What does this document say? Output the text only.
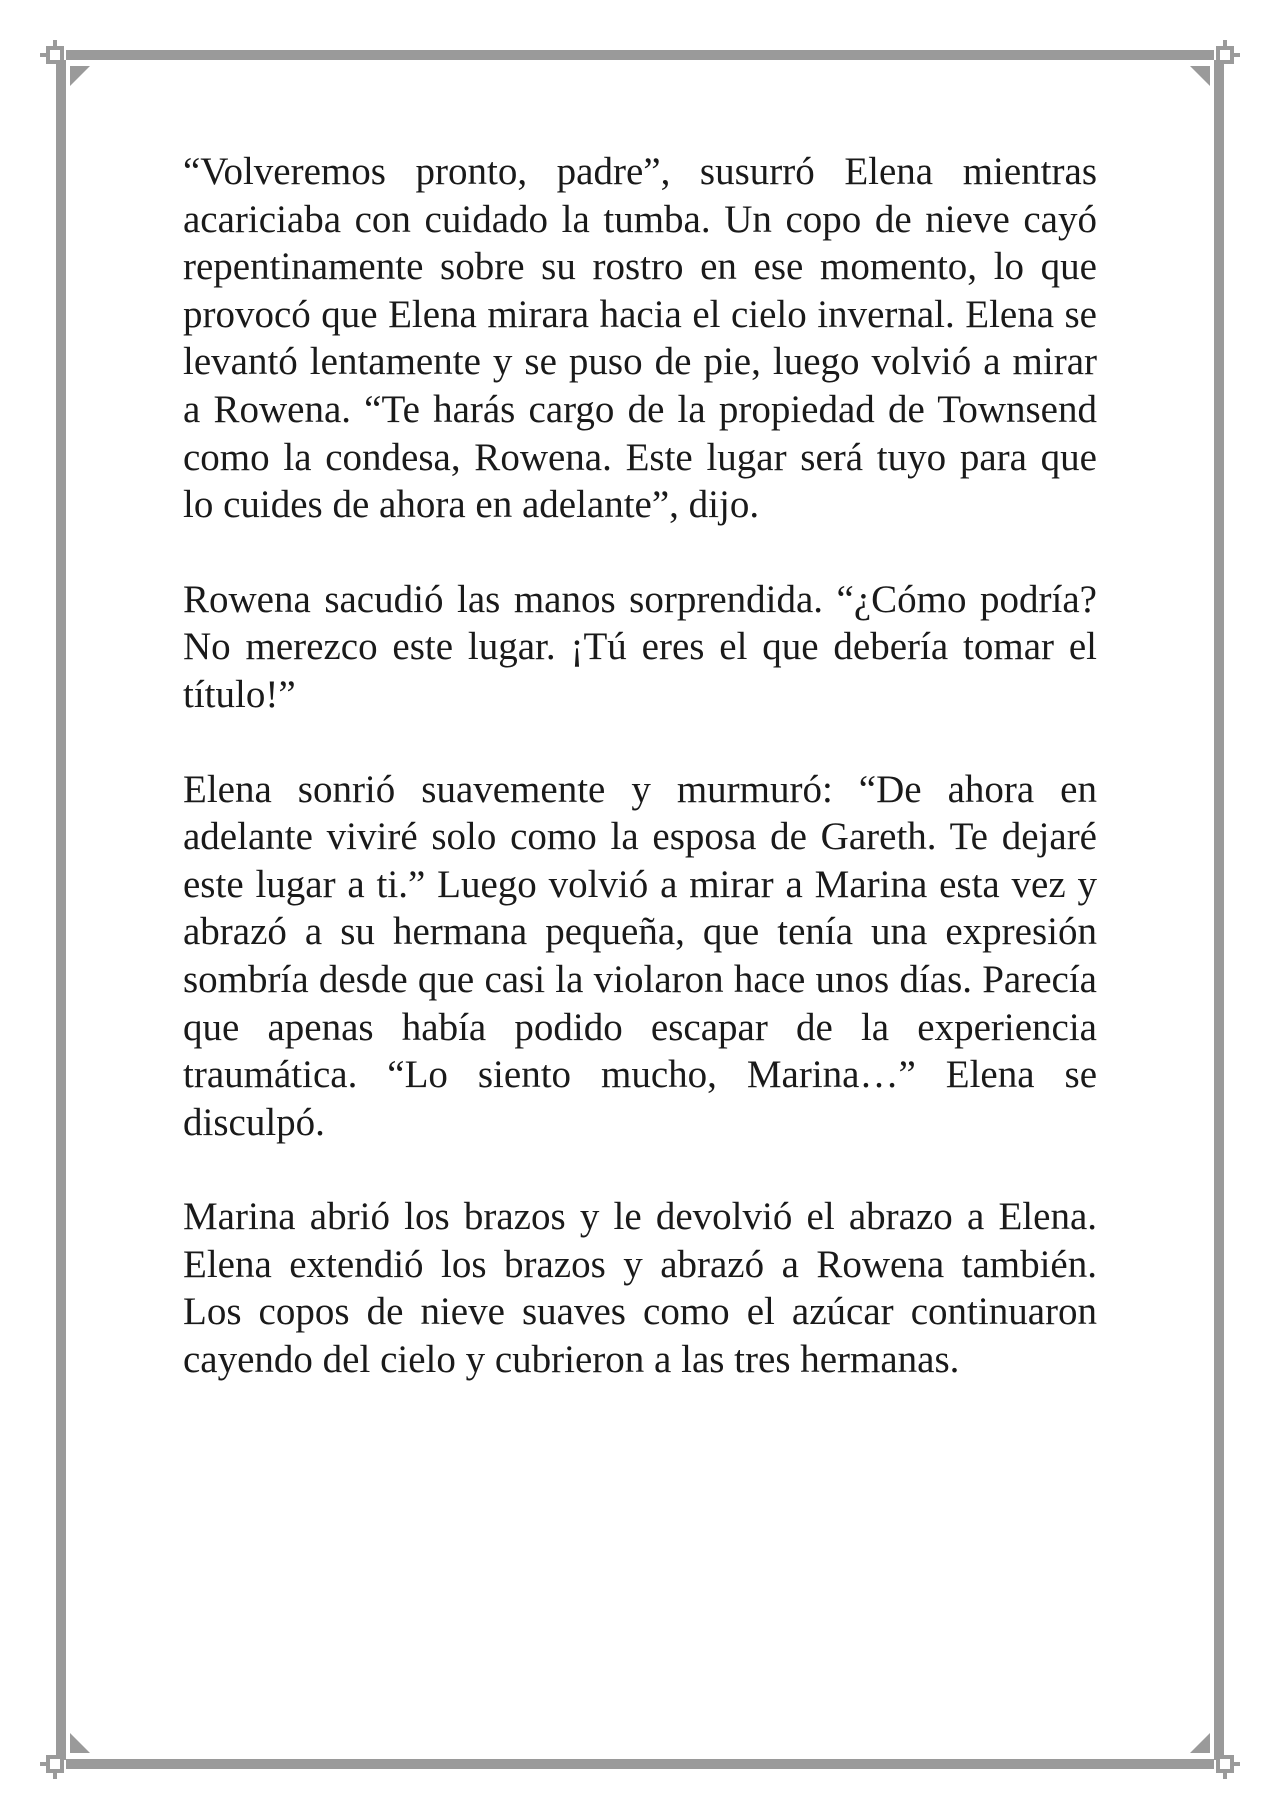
“Volveremos pronto, padre”, susurró Elena mientras acariciaba con cuidado la tumba. Un copo de nieve cayó repentinamente sobre su rostro en ese momento, lo que provocó que Elena mirara hacia el cielo invernal. Elena se levantó lentamente y se puso de pie, luego volvió a mirar a Rowena. “Te harás cargo de la propiedad de Townsend como la condesa, Rowena. Este lugar será tuyo para que lo cuides de ahora en adelante”, dijo.

Rowena sacudió las manos sorprendida. “¿Cómo podría? No merezco este lugar. ¡Tú eres el que debería tomar el título!”

Elena sonrió suavemente y murmuró: “De ahora en adelante viviré solo como la esposa de Gareth. Te dejaré este lugar a ti.” Luego volvió a mirar a Marina esta vez y abrazó a su hermana pequeña, que tenía una expresión sombría desde que casi la violaron hace unos días. Parecía que apenas había podido escapar de la experiencia traumática. “Lo siento mucho, Marina…” Elena se disculpó.

Marina abrió los brazos y le devolvió el abrazo a Elena. Elena extendió los brazos y abrazó a Rowena también. Los copos de nieve suaves como el azúcar continuaron cayendo del cielo y cubrieron a las tres hermanas.
